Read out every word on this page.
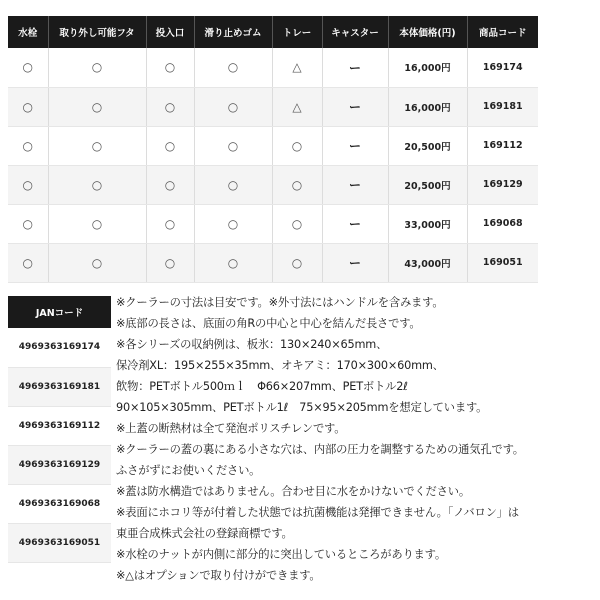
水栓	取り外し可能フタ	投入口	滑り止めゴム	トレー	キャスター	本体価格(円)	商品コード
○	○	○	○	△	ー	16,000円	169174
○	○	○	○	△	ー	16,000円	169181
○	○	○	○	○	ー	20,500円	169112
○	○	○	○	○	ー	20,500円	169129
○	○	○	○	○	ー	33,000円	169068
○	○	○	○	○	ー	43,000円	169051
JANコード
4969363169174
4969363169181
4969363169112
4969363169129
4969363169068
4969363169051
※クーラーの寸法は目安です。※外寸法にはハンドルを含みます。
※底部の長さは、底面の角Rの中心と中心を結んだ長さです。
※各シリーズの収納例は、板氷：130×240×65mm、
保冷剤XL：195×255×35mm、オキアミ：170×300×60mm、
飲物：PETボトル500ｍｌ　Φ66×207mm、PETボトル2ℓ
90×105×305mm、PETボトル1ℓ　75×95×205mmを想定しています。
※上蓋の断熱材は全て発泡ポリスチレンです。
※クーラーの蓋の裏にある小さな穴は、内部の圧力を調整するための通気孔です。
ふさがずにお使いください。
※蓋は防水構造ではありません。合わせ目に水をかけないでください。
※表面にホコリ等が付着した状態では抗菌機能は発揮できません。「ノバロン」は
東亜合成株式会社の登録商標です。
※水栓のナットが内側に部分的に突出しているところがあります。
※△はオプションで取り付けができます。
